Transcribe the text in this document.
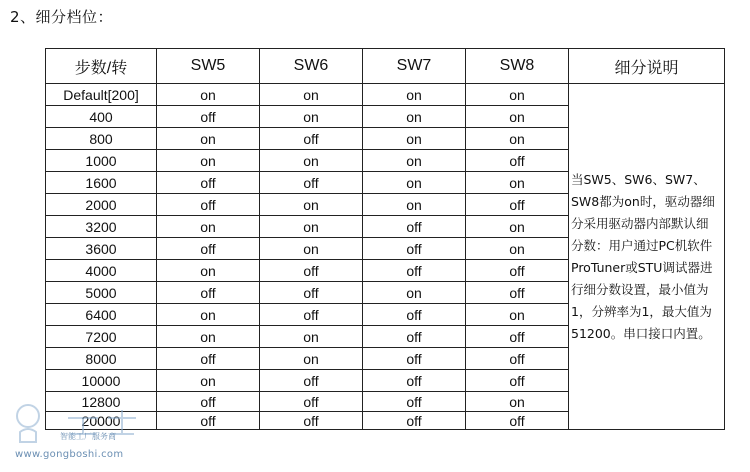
2、细分档位：
步数/转	SW5	SW6	SW7	SW8	细分说明
Default[200]	on	on	on	on	当SW5、SW6、SW7、SW8都为on时，驱动器细分采用驱动器内部默认细分数：用户通过PC机软件ProTuner或STU调试器进行细分数设置，最小值为1，分辨率为1，最大值为51200。串口接口内置。
400	off	on	on	on	
800	on	off	on	on	
1000	on	on	on	off	
1600	off	off	on	on	
2000	off	on	on	off	
3200	on	on	off	on	
3600	off	on	off	on	
4000	on	off	off	off	
5000	off	off	on	off	
6400	on	off	off	on	
7200	on	on	off	off	
8000	off	on	off	off	
10000	on	off	off	off	
12800	off	off	off	on	
20000	off	off	off	off	
智能工厂服务商
www.gongboshi.com
